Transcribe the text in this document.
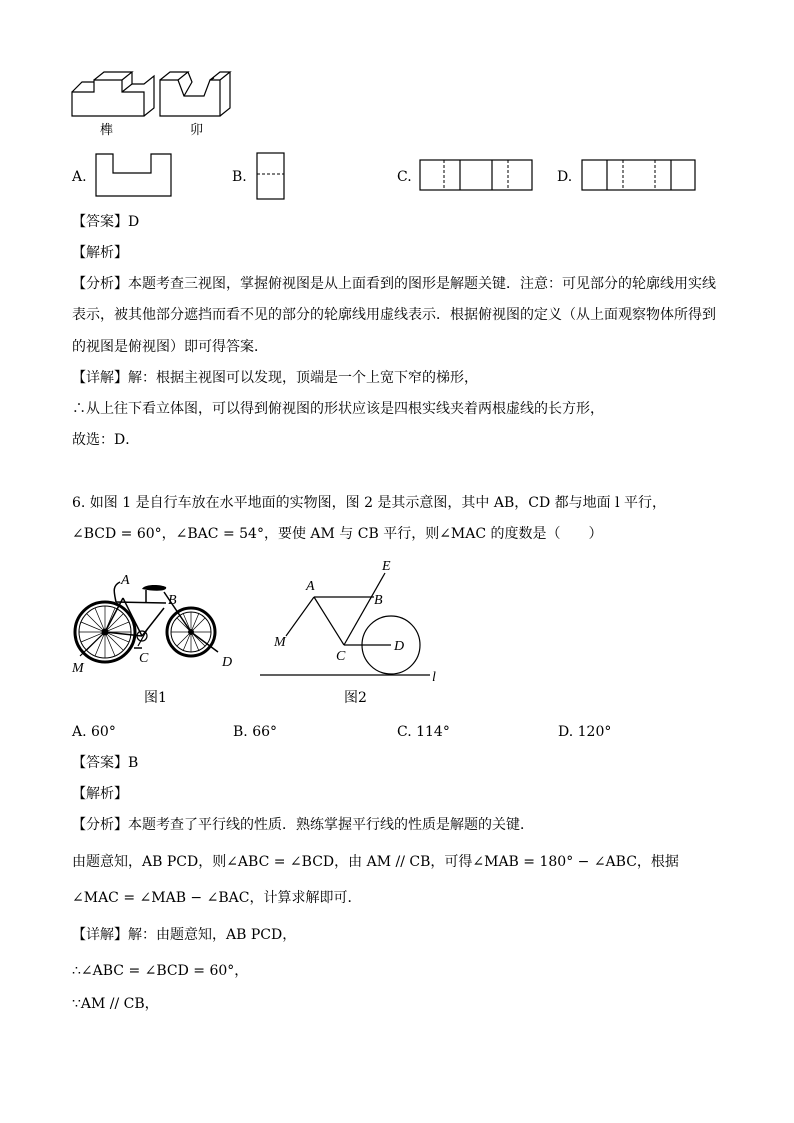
榫	卯
A.	B.	C.	D.
【答案】D
【解析】
【分析】本题考查三视图，掌握俯视图是从上面看到的图形是解题关键．注意：可见部分的轮廓线用实线
表示，被其他部分遮挡而看不见的部分的轮廓线用虚线表示．根据俯视图的定义（从上面观察物体所得到
的视图是俯视图）即可得答案．
【详解】解：根据主视图可以发现，顶端是一个上宽下窄的梯形，
∴从上往下看立体图，可以得到俯视图的形状应该是四根实线夹着两根虚线的长方形，
故选：D．
6. 如图 1 是自行车放在水平地面的实物图，图 2 是其示意图，其中 AB，CD 都与地面 l 平行，
∠BCD = 60°，∠BAC = 54°，要使 AM 与 CB 平行，则∠MAC 的度数是（　　）
A
B
C	D
M
图1
A
B
C
D
E
M
l
图2
A. 60°	B. 66°	C. 114°	D. 120°
【答案】B
【解析】
【分析】本题考查了平行线的性质．熟练掌握平行线的性质是解题的关键．
由题意知，AB PCD，则∠ABC = ∠BCD，由 AM // CB，可得∠MAB = 180° − ∠ABC，根据
∠MAC = ∠MAB − ∠BAC，计算求解即可．
【详解】解：由题意知，AB PCD，
∴∠ABC = ∠BCD = 60°，
∵AM // CB，
